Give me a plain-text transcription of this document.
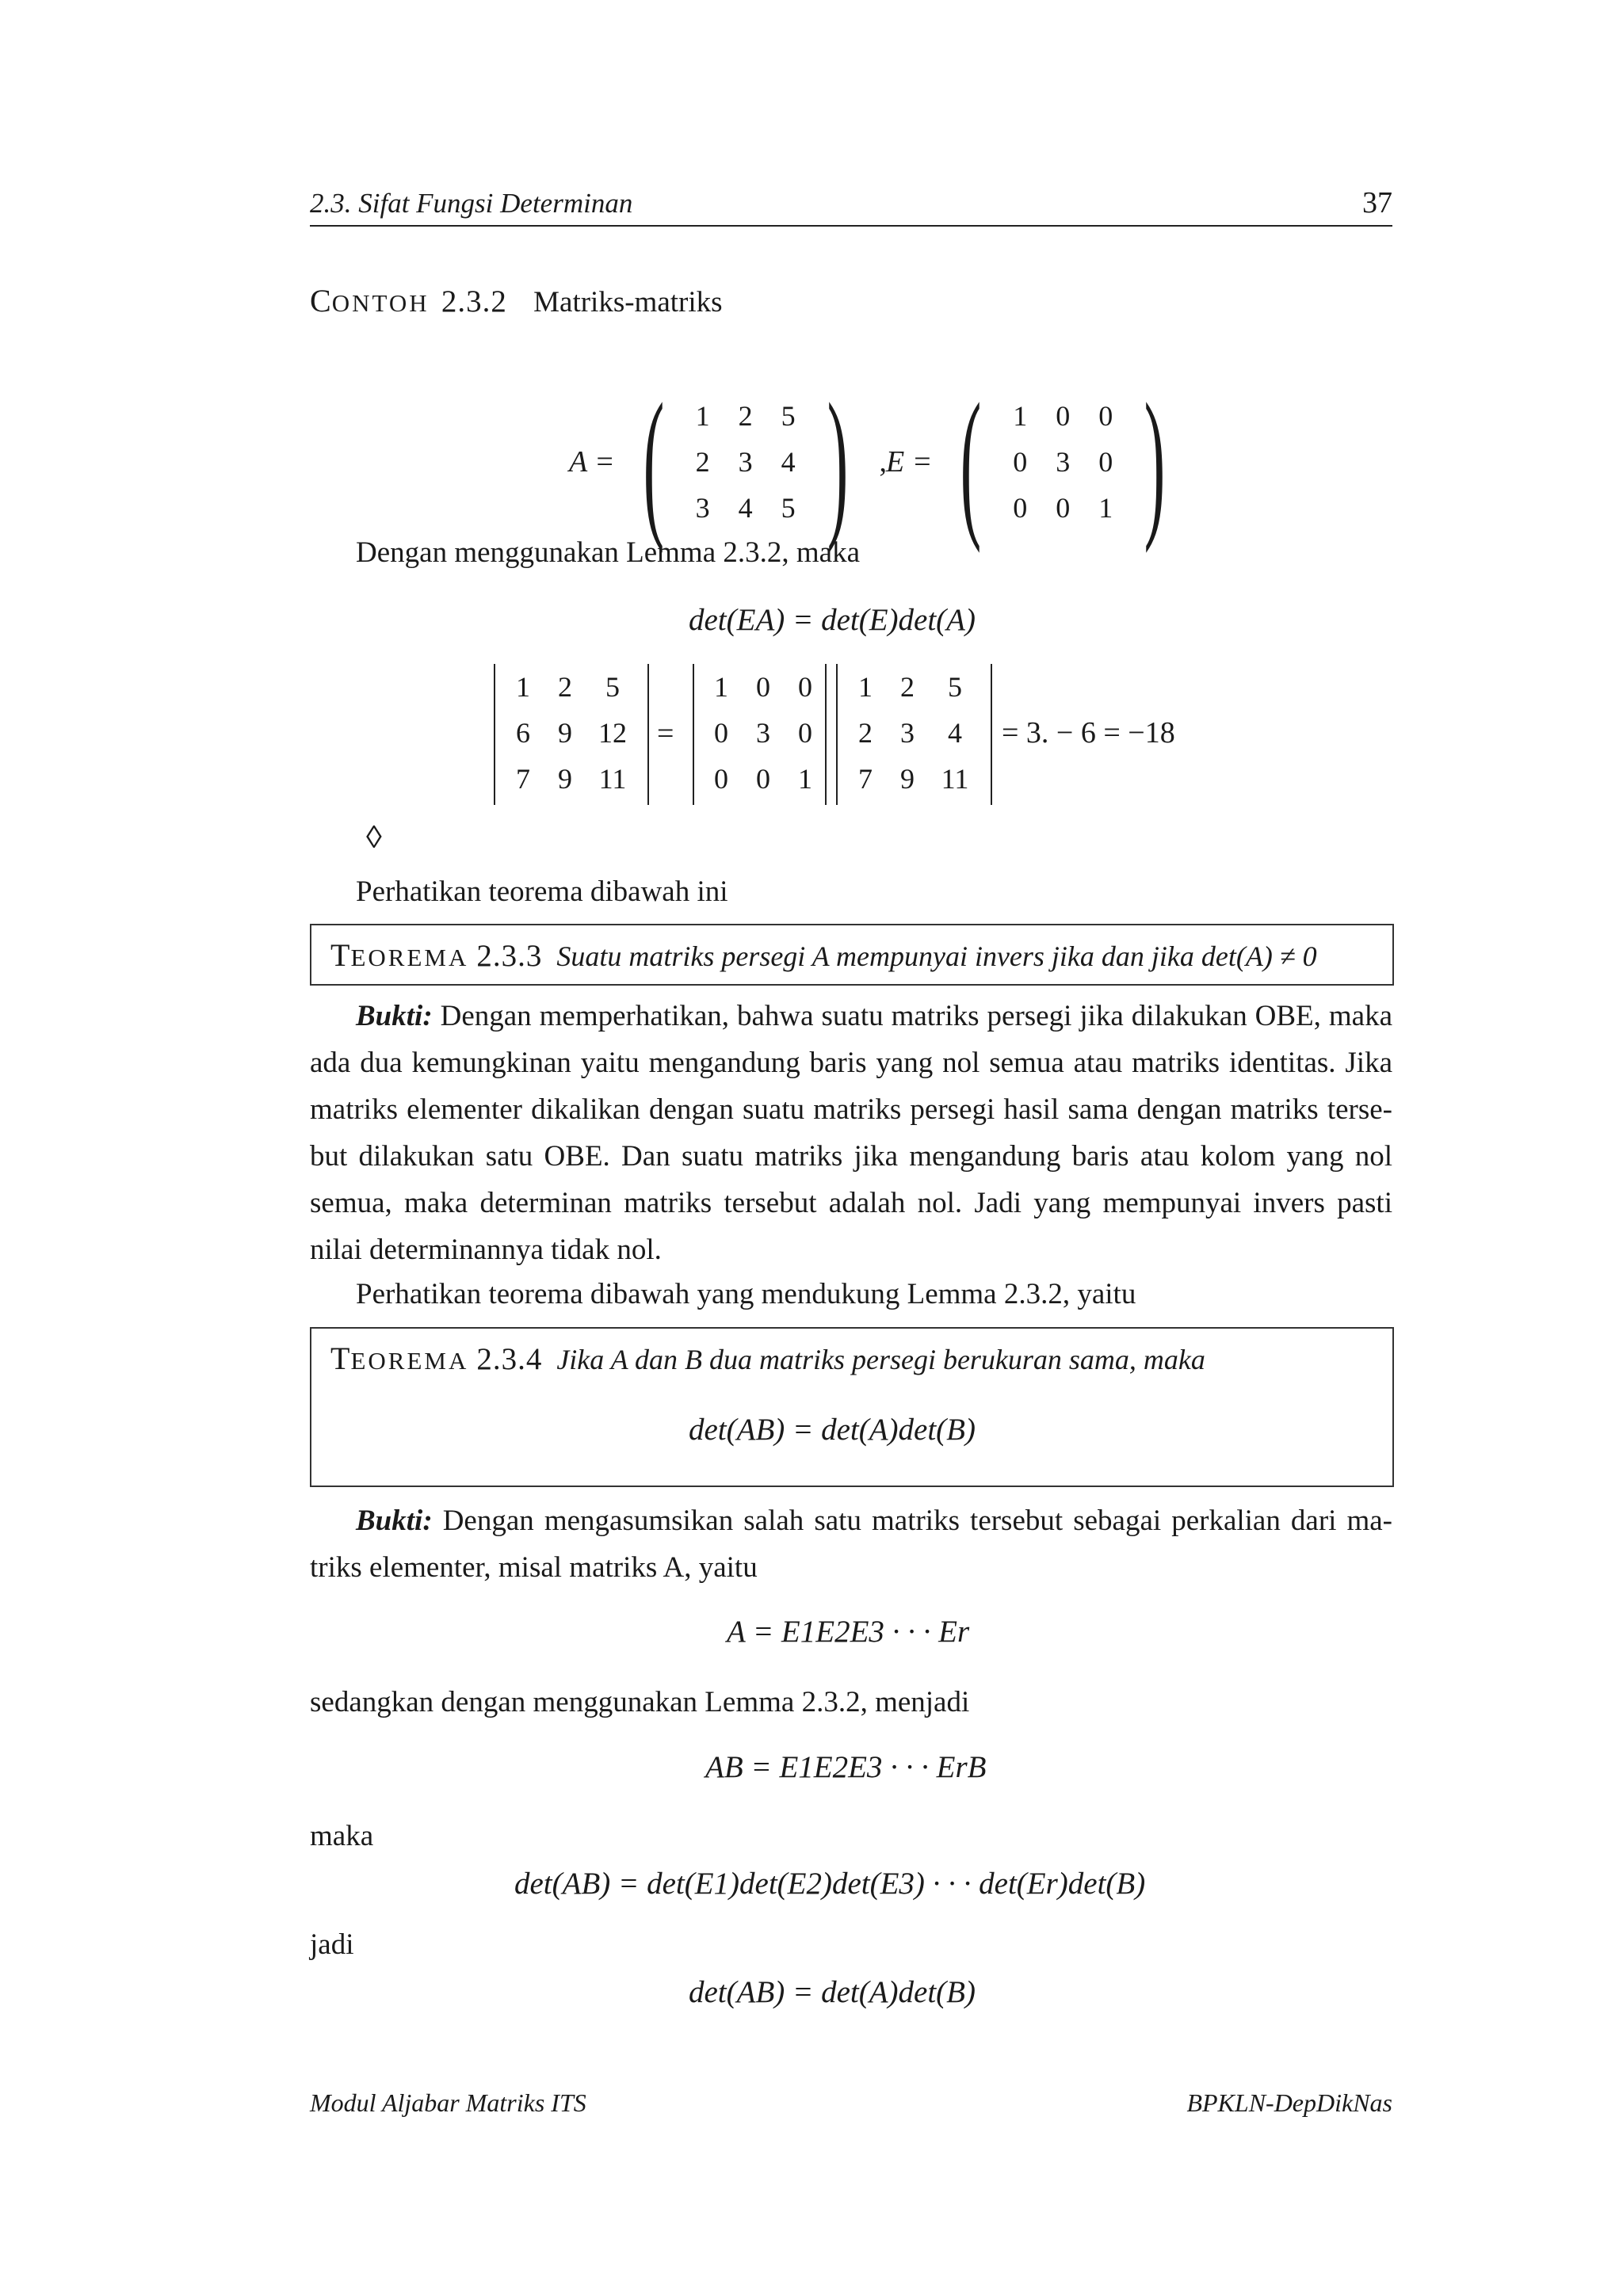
2.3. Sifat Fungsi Determinan	37
CONTOH 2.3.2 Matriks-matriks
A = (	1	2	5
2	3	4
3	4	5 ) ,
E = (	1	0	0
0	3	0
0	0	1 )
Dengan menggunakan Lemma 2.3.2, maka
det(EA) = det(E)det(A)
1 2	5
6 9 12
7 9 11
=
1 0 0
0 3 0
0 0 1
1 2	5
2 3	4
7 9 11
= 3. − 6 = −18
◊
Perhatikan teorema dibawah ini
TEOREMA 2.3.3 Suatu matriks persegi A mempunyai invers jika dan jika det(A) ≠ 0
Bukti: Dengan memperhatikan, bahwa suatu matriks persegi jika dilakukan OBE, maka
ada dua kemungkinan yaitu mengandung baris yang nol semua atau matriks identitas. Jika
matriks elementer dikalikan dengan suatu matriks persegi hasil sama dengan matriks terse-
but dilakukan satu OBE. Dan suatu matriks jika mengandung baris atau kolom yang nol
semua, maka determinan matriks tersebut adalah nol. Jadi yang mempunyai invers pasti
nilai determinannya tidak nol.
Perhatikan teorema dibawah yang mendukung Lemma 2.3.2, yaitu
TEOREMA 2.3.4 Jika A dan B dua matriks persegi berukuran sama, maka
det(AB) = det(A)det(B)
Bukti: Dengan mengasumsikan salah satu matriks tersebut sebagai perkalian dari ma-
triks elementer, misal matriks A, yaitu
A = E1E2E3 · · · Er
sedangkan dengan menggunakan Lemma 2.3.2, menjadi
AB = E1E2E3 · · · ErB
maka
det(AB) = det(E1)det(E2)det(E3) · · · det(Er)det(B)
jadi
det(AB) = det(A)det(B)
Modul Aljabar Matriks ITS	BPKLN-DepDikNas
